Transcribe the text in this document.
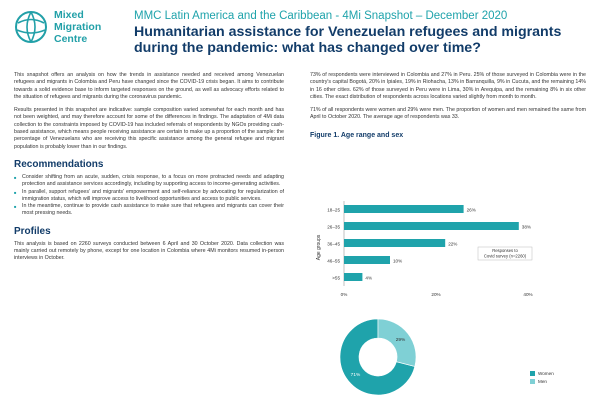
Mixed
Migration
Centre
MMC Latin America and the Caribbean - 4Mi Snapshot – December 2020
Humanitarian assistance for Venezuelan refugees and migrants during the pandemic: what has changed over time?

This snapshot offers an analysis on how the trends in assistance needed and received among Venezuelan refugees and migrants in Colombia and Peru have changed since the COVID-19 crisis began. It aims to contribute towards a solid evidence base to inform targeted responses on the ground, as well as advocacy efforts related to the situation of refugees and migrants during the coronavirus pandemic.

Results presented in this snapshot are indicative: sample composition varied somewhat for each month and has not been weighted, and may therefore account for some of the differences in findings. The adaptation of 4Mi data collection to the constraints imposed by COVID-19 has included referrals of respondents by NGOs providing cash-based assistance, which means people receiving assistance are certain to make up a proportion of the sample: the percentage of Venezuelans who are receiving this specific assistance among the general refugee and migrant population is probably lower than in our findings.

Recommendations
■ Consider shifting from an acute, sudden, crisis response, to a focus on more protracted needs and adapting protection and assistance services accordingly, including by supporting access to income-generating activities.
■ In parallel, support refugees' and migrants' empowerment and self-reliance by advocating for regularization of immigration status, which will improve access to livelihood opportunities and access to public services.
■ In the meantime, continue to provide cash assistance to make sure that refugees and migrants can cover their most pressing needs.
Profiles

This analysis is based on 2260 surveys conducted between 6 April and 30 October 2020. Data collection was mainly carried out remotely by phone, except for one location in Colombia where 4Mi monitors resumed in-person interviews in October.

73% of respondents were interviewed in Colombia and 27% in Peru. 25% of those surveyed in Colombia were in the country's capital Bogotá, 20% in Ipiales, 19% in Riohacha, 13% in Barranquilla, 9% in Cucuta, and the remaining 14% in 16 other cities. 62% of those surveyed in Peru were in Lima, 30% in Arequipa, and the remaining 8% in six other cities. The exact distribution of respondents across locations varied slightly from month to month.

71% of all respondents were women and 29% were men. The proportion of women and men remained the same from April to October 2020. The average age of respondents was 33.

Figure 1. Age range and sex
18–25	26%
26–35	38%
36–45	22%
46–55	10%
>55	4%
Age groups
0%	20%	40%
Responses to
Covid survey (n=2260)
71%
29%
Women
Men
